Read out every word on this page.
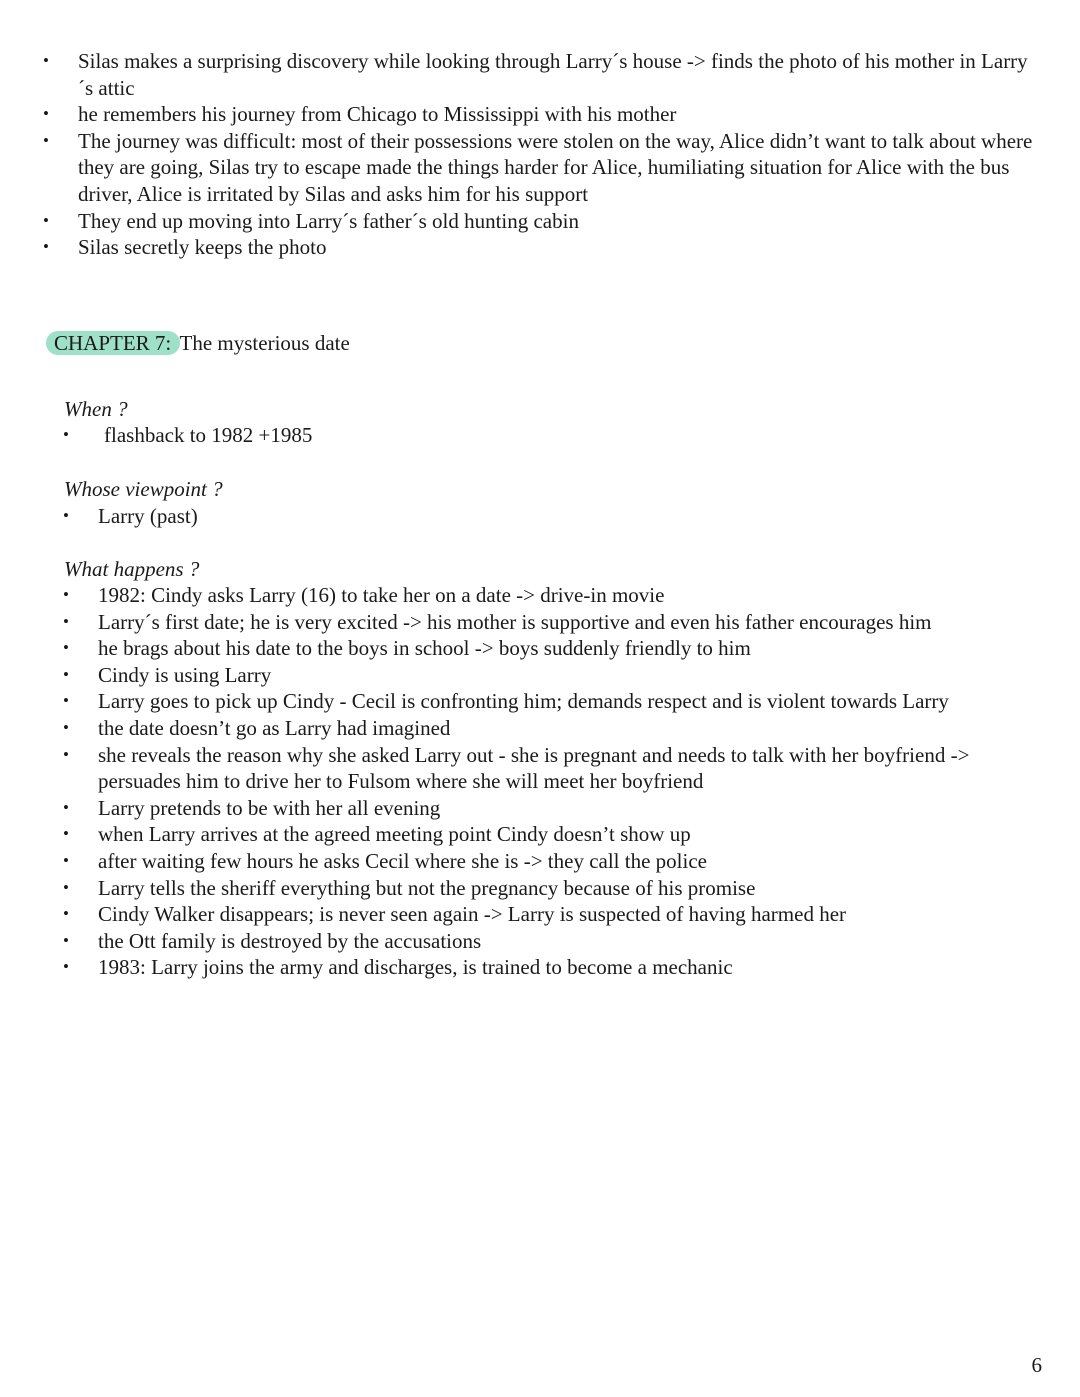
• Silas makes a surprising discovery while looking through Larry´s house -> finds the photo of his mother in Larry´s attic
• he remembers his journey from Chicago to Mississippi with his mother
• The journey was difficult: most of their possessions were stolen on the way, Alice didn’t want to talk about where they are going, Silas try to escape made the things harder for Alice, humiliating situation for Alice with the bus driver, Alice is irritated by Silas and asks him for his support
• They end up moving into Larry´s father´s old hunting cabin
• Silas secretly keeps the photo
CHAPTER 7: The mysterious date
When ?
• flashback to 1982 +1985
Whose viewpoint ?
• Larry (past)
What happens ?
• 1982: Cindy asks Larry (16) to take her on a date -> drive-in movie
• Larry´s first date; he is very excited -> his mother is supportive and even his father encourages him
• he brags about his date to the boys in school -> boys suddenly friendly to him
• Cindy is using Larry
• Larry goes to pick up Cindy - Cecil is confronting him; demands respect and is violent towards Larry
• the date doesn’t go as Larry had imagined
• she reveals the reason why she asked Larry out - she is pregnant and needs to talk with her boyfriend -> persuades him to drive her to Fulsom where she will meet her boyfriend
• Larry pretends to be with her all evening
• when Larry arrives at the agreed meeting point Cindy doesn’t show up
• after waiting few hours he asks Cecil where she is -> they call the police
• Larry tells the sheriff everything but not the pregnancy because of his promise
• Cindy Walker disappears; is never seen again -> Larry is suspected of having harmed her
• the Ott family is destroyed by the accusations
• 1983: Larry joins the army and discharges, is trained to become a mechanic
6
